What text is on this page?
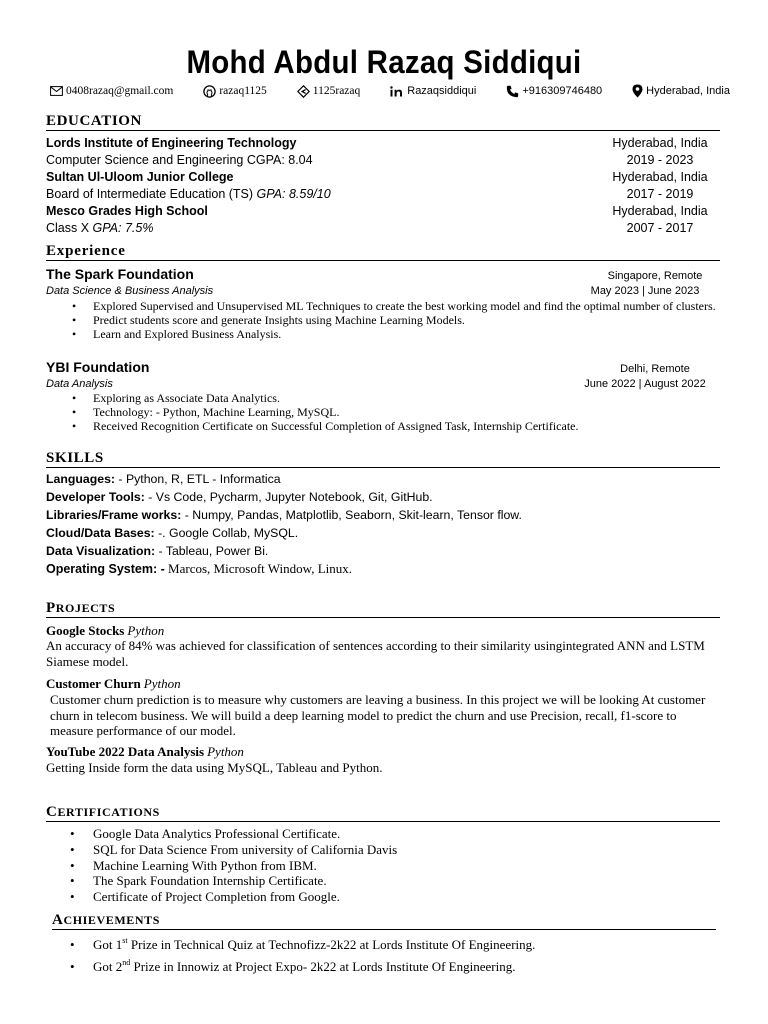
Mohd Abdul Razaq Siddiqui
0408razaq@gmail.com	razaq1125	1125razaq	Razaqsiddiqui	+916309746480	Hyderabad, India
EDUCATION
Lords Institute of Engineering Technology	Hyderabad, India
Computer Science and Engineering CGPA: 8.04	2019 - 2023
Sultan Ul-Uloom Junior College	Hyderabad, India
Board of Intermediate Education (TS) GPA: 8.59/10	2017 - 2019
Mesco Grades High School	Hyderabad, India
Class X GPA: 7.5%	2007 - 2017
Experience
The Spark Foundation	Singapore, Remote
Data Science & Business Analysis	May 2023 | June 2023
• Explored Supervised and Unsupervised ML Techniques to create the best working model and find the optimal number of clusters.
• Predict students score and generate Insights using Machine Learning Models.
• Learn and Explored Business Analysis.
YBI Foundation	Delhi, Remote
Data Analysis	June 2022 | August 2022
• Exploring as Associate Data Analytics.
• Technology: - Python, Machine Learning, MySQL.
• Received Recognition Certificate on Successful Completion of Assigned Task, Internship Certificate.
SKILLS
Languages: - Python, R, ETL - Informatica
Developer Tools: - Vs Code, Pycharm, Jupyter Notebook, Git, GitHub.
Libraries/Frame works: - Numpy, Pandas, Matplotlib, Seaborn, Skit-learn, Tensor flow.
Cloud/Data Bases: -. Google Collab, MySQL.
Data Visualization: - Tableau, Power Bi.
Operating System: - Marcos, Microsoft Window, Linux.
PROJECTS
Google Stocks Python
An accuracy of 84% was achieved for classification of sentences according to their similarity usingintegrated ANN and LSTM Siamese model.
Customer Churn Python
Customer churn prediction is to measure why customers are leaving a business. In this project we will be looking At customer churn in telecom business. We will build a deep learning model to predict the churn and use Precision, recall, f1-score to measure performance of our model.
YouTube 2022 Data Analysis Python
Getting Inside form the data using MySQL, Tableau and Python.
CERTIFICATIONS
• Google Data Analytics Professional Certificate.
• SQL for Data Science From university of California Davis
• Machine Learning With Python from IBM.
• The Spark Foundation Internship Certificate.
• Certificate of Project Completion from Google.
ACHIEVEMENTS
• Got 1st Prize in Technical Quiz at Technofizz-2k22 at Lords Institute Of Engineering.
• Got 2nd Prize in Innowiz at Project Expo- 2k22 at Lords Institute Of Engineering.
